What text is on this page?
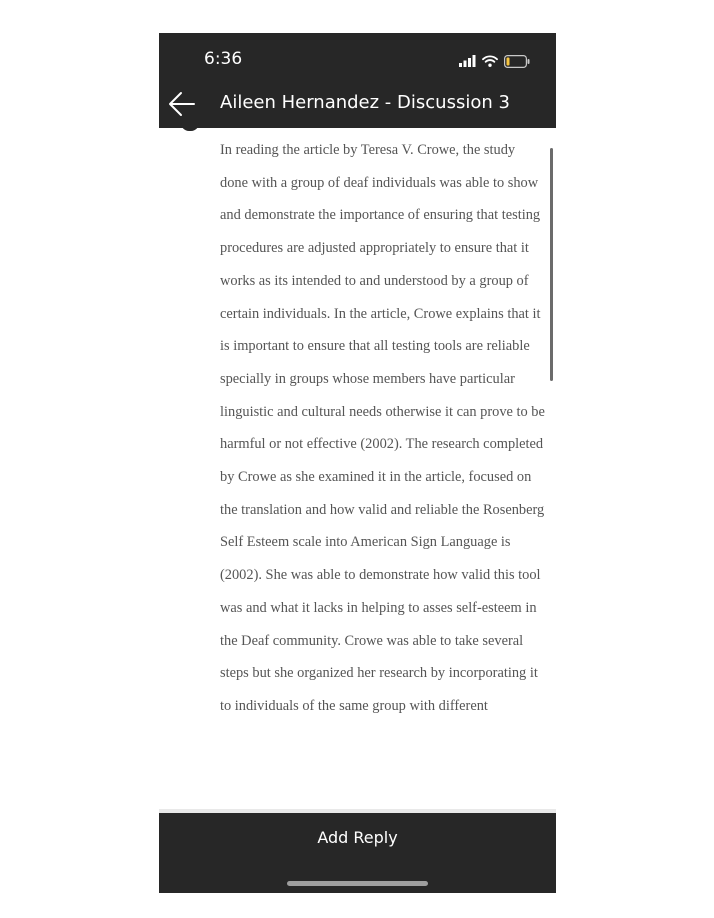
6:36
Aileen Hernandez - Discussion 3

In reading the article by Teresa V. Crowe, the study done with a group of deaf individuals was able to show and demonstrate the importance of ensuring that testing procedures are adjusted appropriately to ensure that it works as its intended to and understood by a group of certain individuals. In the article, Crowe explains that it is important to ensure that all testing tools are reliable specially in groups whose members have particular linguistic and cultural needs otherwise it can prove to be harmful or not effective (2002). The research completed by Crowe as she examined it in the article, focused on the translation and how valid and reliable the Rosenberg Self Esteem scale into American Sign Language is (2002). She was able to demonstrate how valid this tool was and what it lacks in helping to asses self-esteem in the Deaf community. Crowe was able to take several steps but she organized her research by incorporating it to individuals of the same group with different

Add Reply
